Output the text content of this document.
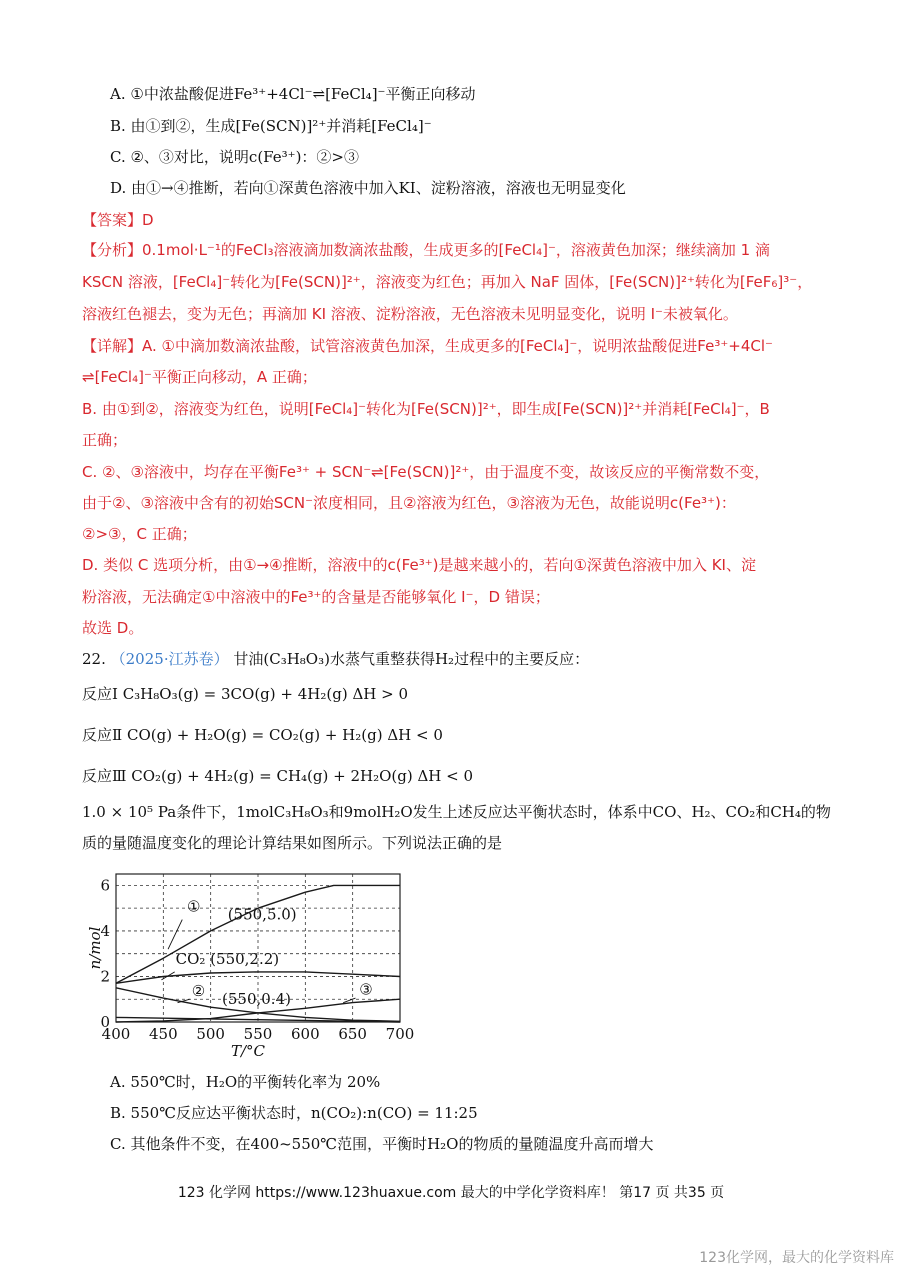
A. ①中浓盐酸促进Fe³⁺+4Cl⁻⇌[FeCl₄]⁻平衡正向移动
B. 由①到②，生成[Fe(SCN)]²⁺并消耗[FeCl₄]⁻
C. ②、③对比，说明c(Fe³⁺)：②>③
D. 由①→④推断，若向①深黄色溶液中加入KI、淀粉溶液，溶液也无明显变化
【答案】D
【分析】0.1mol·L⁻¹的FeCl₃溶液滴加数滴浓盐酸，生成更多的[FeCl₄]⁻，溶液黄色加深；继续滴加 1 滴
KSCN 溶液，[FeCl₄]⁻转化为[Fe(SCN)]²⁺，溶液变为红色；再加入 NaF 固体，[Fe(SCN)]²⁺转化为[FeF₆]³⁻，
溶液红色褪去，变为无色；再滴加 KI 溶液、淀粉溶液，无色溶液未见明显变化，说明 I⁻未被氧化。
【详解】A. ①中滴加数滴浓盐酸，试管溶液黄色加深，生成更多的[FeCl₄]⁻，说明浓盐酸促进Fe³⁺+4Cl⁻
⇌[FeCl₄]⁻平衡正向移动，A 正确；
B. 由①到②，溶液变为红色，说明[FeCl₄]⁻转化为[Fe(SCN)]²⁺，即生成[Fe(SCN)]²⁺并消耗[FeCl₄]⁻，B
正确；
C. ②、③溶液中，均存在平衡Fe³⁺ + SCN⁻⇌[Fe(SCN)]²⁺，由于温度不变，故该反应的平衡常数不变，
由于②、③溶液中含有的初始SCN⁻浓度相同，且②溶液为红色，③溶液为无色，故能说明c(Fe³⁺)：
②>③，C 正确；
D. 类似 C 选项分析，由①→④推断，溶液中的c(Fe³⁺)是越来越小的，若向①深黄色溶液中加入 KI、淀
粉溶液，无法确定①中溶液中的Fe³⁺的含量是否能够氧化 I⁻，D 错误；
故选 D。
22. （2025·江苏卷） 甘油(C₃H₈O₃)水蒸气重整获得H₂过程中的主要反应：
反应Ⅰ C₃H₈O₃(g) = 3CO(g) + 4H₂(g) ΔH > 0
反应Ⅱ CO(g) + H₂O(g) = CO₂(g) + H₂(g) ΔH < 0
反应Ⅲ CO₂(g) + 4H₂(g) = CH₄(g) + 2H₂O(g) ΔH < 0
1.0 × 10⁵ Pa条件下，1molC₃H₈O₃和9molH₂O发生上述反应达平衡状态时，体系中CO、H₂、CO₂和CH₄的物
质的量随温度变化的理论计算结果如图所示。下列说法正确的是
400 450 500 550 600 650 700
0
2
4
6
T/°C
n/mol
① (550,5.0)
CO₂ (550,2.2)
② (550,0.4)
③
A. 550℃时，H₂O的平衡转化率为 20%
B. 550℃反应达平衡状态时，n(CO₂):n(CO) = 11:25
C. 其他条件不变，在400~550℃范围，平衡时H₂O的物质的量随温度升高而增大
123 化学网 https://www.123huaxue.com 最大的中学化学资料库！ 第17 页 共35 页
123化学网，最大的化学资料库
